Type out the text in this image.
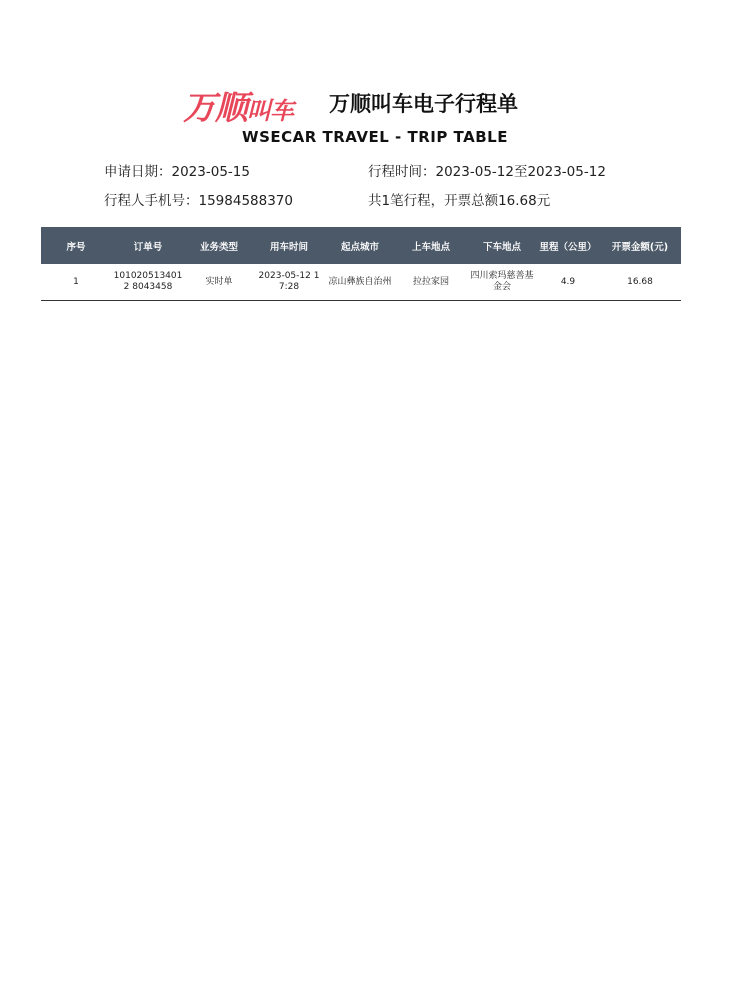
万顺叫车 万顺叫车电子行程单
WSECAR TRAVEL - TRIP TABLE
申请日期：2023-05-15	行程时间：2023-05-12至2023-05-12
行程人手机号：15984588370	共1笔行程，开票总额16.68元
序号	订单号	业务类型	用车时间	起点城市	上车地点	下车地点	里程（公里）	开票金额(元)
1	1010205134012 8043458	实时单	2023-05-12 17:28	凉山彝族自治州	拉拉家园	四川索玛慈善基金会	4.9	16.68
